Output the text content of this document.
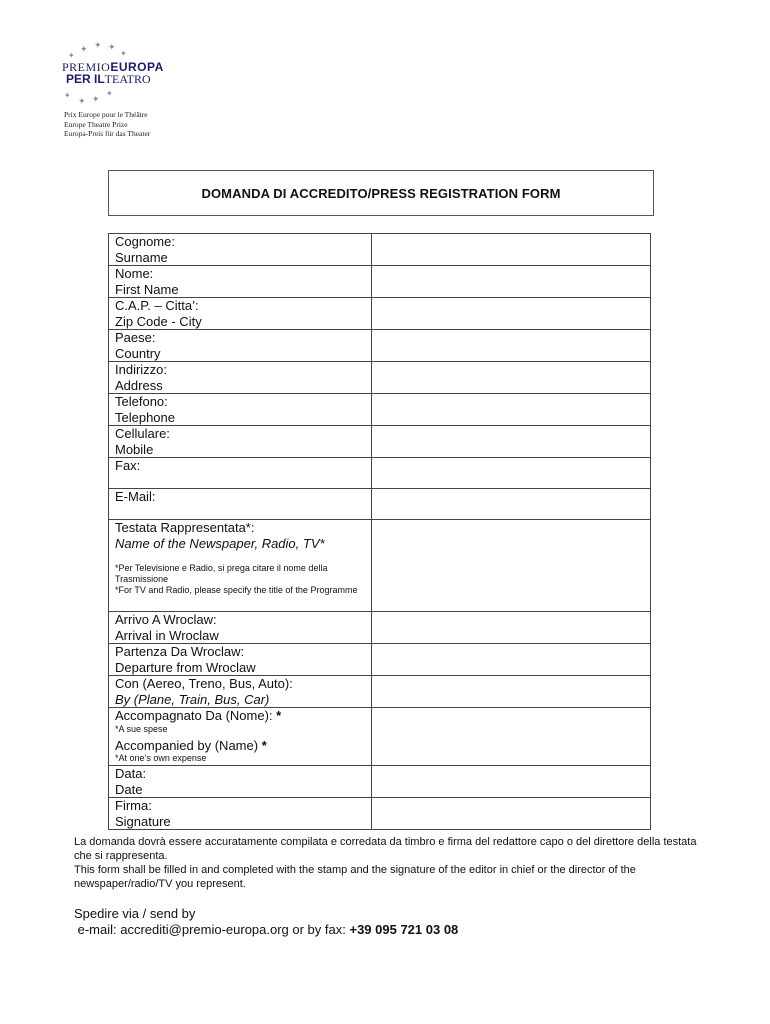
✦ ✦ ✦
✦
✦
✦
✦ ✦
✦
PREMIOEUROPA
PER ILTEATRO
Prix Europe pour le Théâtre
Europe Theatre Prize
Europa-Preis für das Theater
DOMANDA DI ACCREDITO/PRESS REGISTRATION FORM
Cognome:
Surname	
Nome:
First Name	
C.A.P. – Citta’:
Zip Code - City	
Paese:
Country	
Indirizzo:
Address	
Telefono:
Telephone	
Cellulare:
Mobile	
Fax:	
E-Mail:	
Testata Rappresentata*:
Name of the Newspaper, Radio, TV*
*Per Televisione e Radio, si prega citare il nome della Trasmissione
*For TV and Radio, please specify the title of the Programme	

Arrivo A Wroclaw:
Arrival in Wroclaw	
Partenza Da Wroclaw:
Departure from Wroclaw	
Con (Aereo, Treno, Bus, Auto):
By (Plane, Train, Bus, Car)	
Accompagnato Da (Nome): *
*A sue spese
Accompanied by (Name) *
*At one’s own expense	

Data:
Date	
Firma:
Signature	
La domanda dovrà essere accuratamente compilata e corredata da timbro e firma del redattore capo o del direttore della testata che si rappresenta.
This form shall be filled in and completed with the stamp and the signature of the editor in chief or the director of the newspaper/radio/TV you represent.
Spedire via / send by
e-mail: accrediti@premio-europa.org or by fax: +39 095 721 03 08
